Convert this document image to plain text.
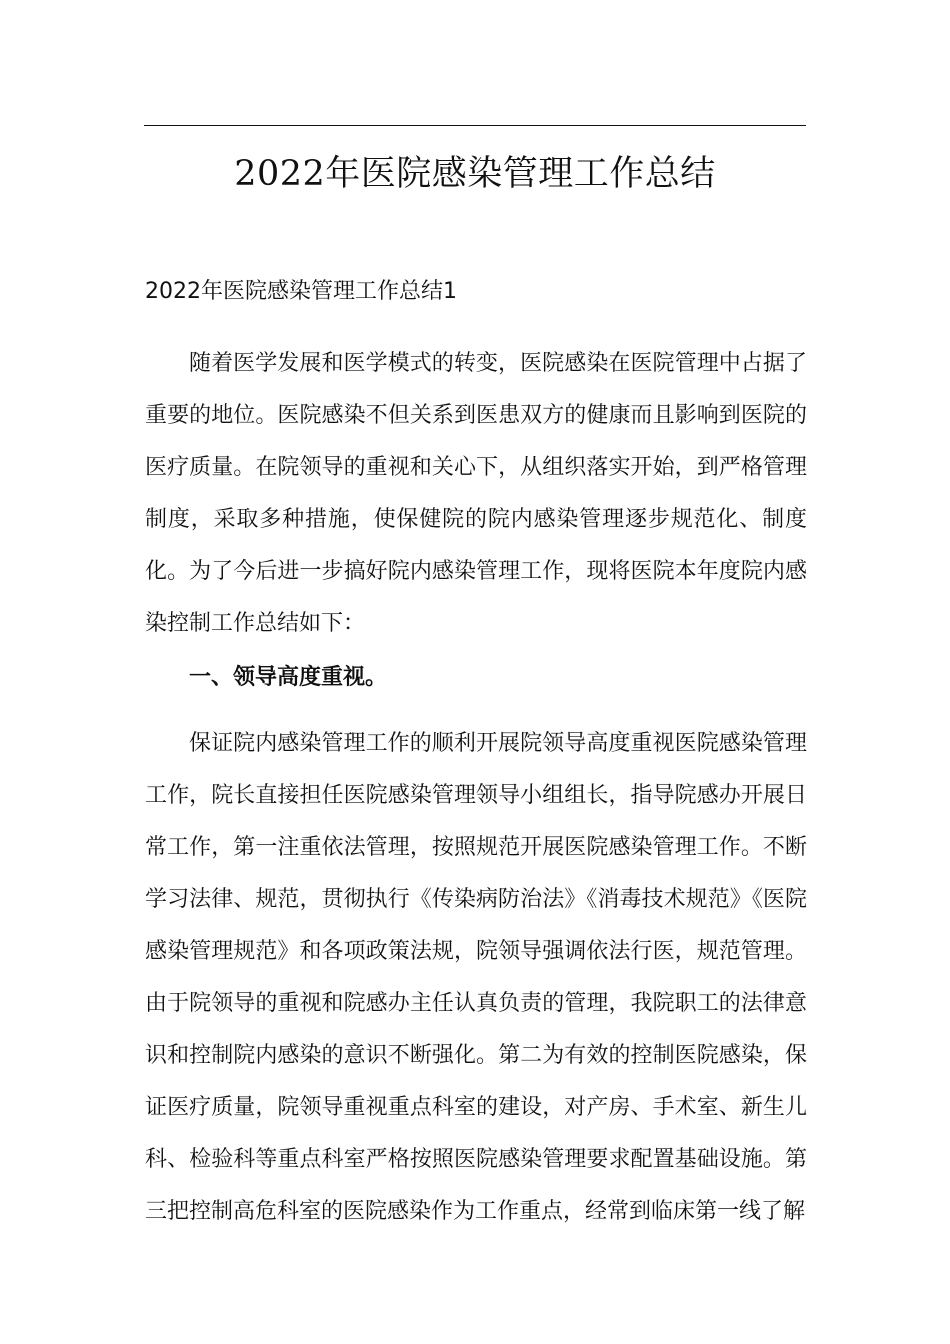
2022年医院感染管理工作总结
2022年医院感染管理工作总结1

随着医学发展和医学模式的转变，医院感染在医院管理中占据了重要的地位。医院感染不但关系到医患双方的健康而且影响到医院的医疗质量。在院领导的重视和关心下，从组织落实开始，到严格管理制度，采取多种措施，使保健院的院内感染管理逐步规范化、制度化。为了今后进一步搞好院内感染管理工作，现将医院本年度院内感染控制工作总结如下：

一、领导高度重视。

保证院内感染管理工作的顺利开展院领导高度重视医院感染管理工作，院长直接担任医院感染管理领导小组组长，指导院感办开展日常工作，第一注重依法管理，按照规范开展医院感染管理工作。不断学习法律、规范，贯彻执行《传染病防治法》《消毒技术规范》《医院感染管理规范》和各项政策法规，院领导强调依法行医，规范管理。由于院领导的重视和院感办主任认真负责的管理，我院职工的法律意识和控制院内感染的意识不断强化。第二为有效的控制医院感染，保证医疗质量，院领导重视重点科室的建设，对产房、手术室、新生儿科、检验科等重点科室严格按照医院感染管理要求配置基础设施。第三把控制高危科室的医院感染作为工作重点，经常到临床第一线了解
